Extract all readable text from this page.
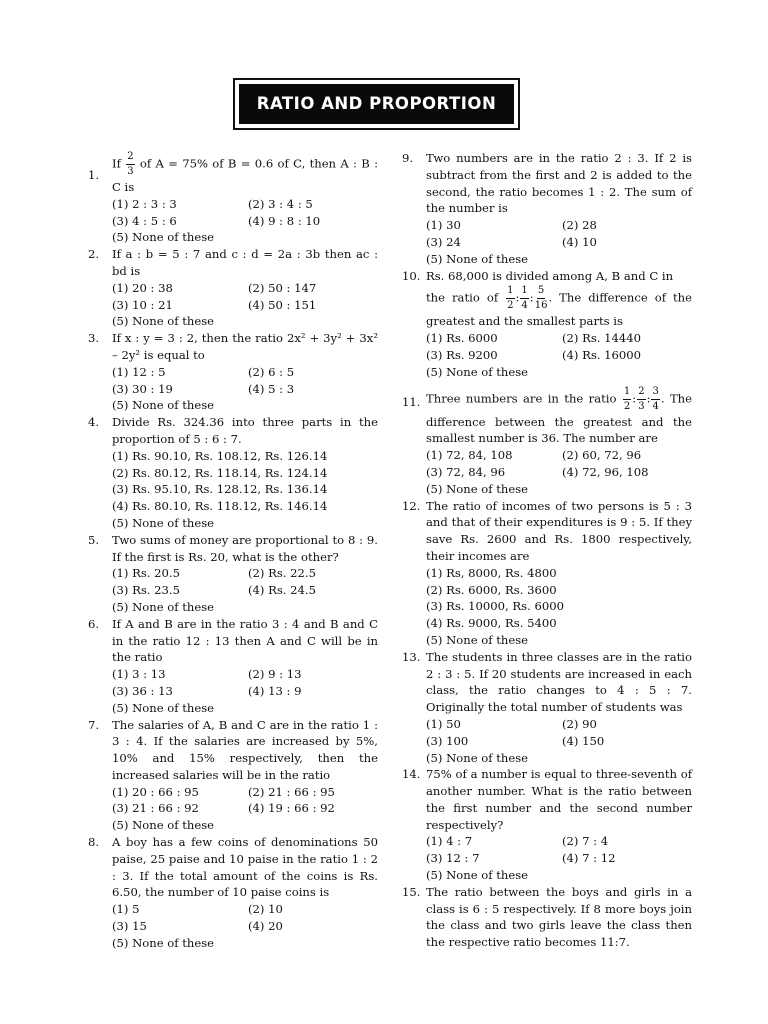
RATIO AND PROPORTION
1.
If $\frac{2}{3}$ of A = 75% of B = 0.6 of C, then A : B : C is
(1) 2 : 3 : 3	(2) 3 : 4 : 5
(3) 4 : 5 : 6	(4) 9 : 8 : 10
(5) None of these
2. If a : b = 5 : 7 and c : d = 2a : 3b then ac : bd is
(1) 20 : 38	(2) 50 : 147
(3) 10 : 21	(4) 50 : 151
(5) None of these
3. If x : y = 3 : 2, then the ratio 2x² + 3y² + 3x² – 2y² is equal to
(1) 12 : 5	(2) 6 : 5
(3) 30 : 19	(4) 5 : 3
(5) None of these
4. Divide Rs. 324.36 into three parts in the proportion of 5 : 6 : 7.
(1) Rs. 90.10, Rs. 108.12, Rs. 126.14
(2) Rs. 80.12, Rs. 118.14, Rs. 124.14
(3) Rs. 95.10, Rs. 128.12, Rs. 136.14
(4) Rs. 80.10, Rs. 118.12, Rs. 146.14
(5) None of these
5. Two sums of money are proportional to 8 : 9. If the first is Rs. 20, what is the other?
(1) Rs. 20.5	(2) Rs. 22.5
(3) Rs. 23.5	(4) Rs. 24.5
(5) None of these
6. If A and B are in the ratio 3 : 4 and B and C in the ratio 12 : 13 then A and C will be in the ratio
(1) 3 : 13	(2) 9 : 13
(3) 36 : 13	(4) 13 : 9
(5) None of these
7. The salaries of A, B and C are in the ratio 1 : 3 : 4. If the salaries are increased by 5%, 10% and 15% respectively, then the increased salaries will be in the ratio
(1) 20 : 66 : 95	(2) 21 : 66 : 95
(3) 21 : 66 : 92	(4) 19 : 66 : 92
(5) None of these
8. A boy has a few coins of denominations 50 paise, 25 paise and 10 paise in the ratio 1 : 2 : 3. If the total amount of the coins is Rs. 6.50, the number of 10 paise coins is
(1) 5	(2) 10
(3) 15	(4) 20
(5) None of these
9. Two numbers are in the ratio 2 : 3. If 2 is subtract from the first and 2 is added to the second, the ratio becomes 1 : 2. The sum of the number is
(1) 30	(2) 28
(3) 24	(4) 10
(5) None of these
10. Rs. 68,000 is divided among A, B and C in
the ratio of $\frac{1}{2}$ : $\frac{1}{4}$ : $\frac{5}{16}$ . The difference of the greatest and the smallest parts is
(1) Rs. 6000	(2) Rs. 14440
(3) Rs. 9200	(4) Rs. 16000
(5) None of these
11. Three numbers are in the ratio $\frac{1}{2}$ : $\frac{2}{3}$ : $\frac{3}{4}$ . The difference between the greatest and the smallest number is 36. The number are
(1) 72, 84, 108	(2) 60, 72, 96
(3) 72, 84, 96	(4) 72, 96, 108
(5) None of these
12. The ratio of incomes of two persons is 5 : 3 and that of their expenditures is 9 : 5. If they save Rs. 2600 and Rs. 1800 respectively, their incomes are
(1) Rs, 8000, Rs. 4800
(2) Rs. 6000, Rs. 3600
(3) Rs. 10000, Rs. 6000
(4) Rs. 9000, Rs. 5400
(5) None of these
13. The students in three classes are in the ratio 2 : 3 : 5. If 20 students are increased in each class, the ratio changes to 4 : 5 : 7. Originally the total number of students was
(1) 50	(2) 90
(3) 100	(4) 150
(5) None of these
14. 75% of a number is equal to three-seventh of another number. What is the ratio between the first number and the second number respectively?
(1) 4 : 7	(2) 7 : 4
(3) 12 : 7	(4) 7 : 12
(5) None of these
15. The ratio between the boys and girls in a class is 6 : 5 respectively. If 8 more boys join the class and two girls leave the class then the respective ratio becomes 11:7.
